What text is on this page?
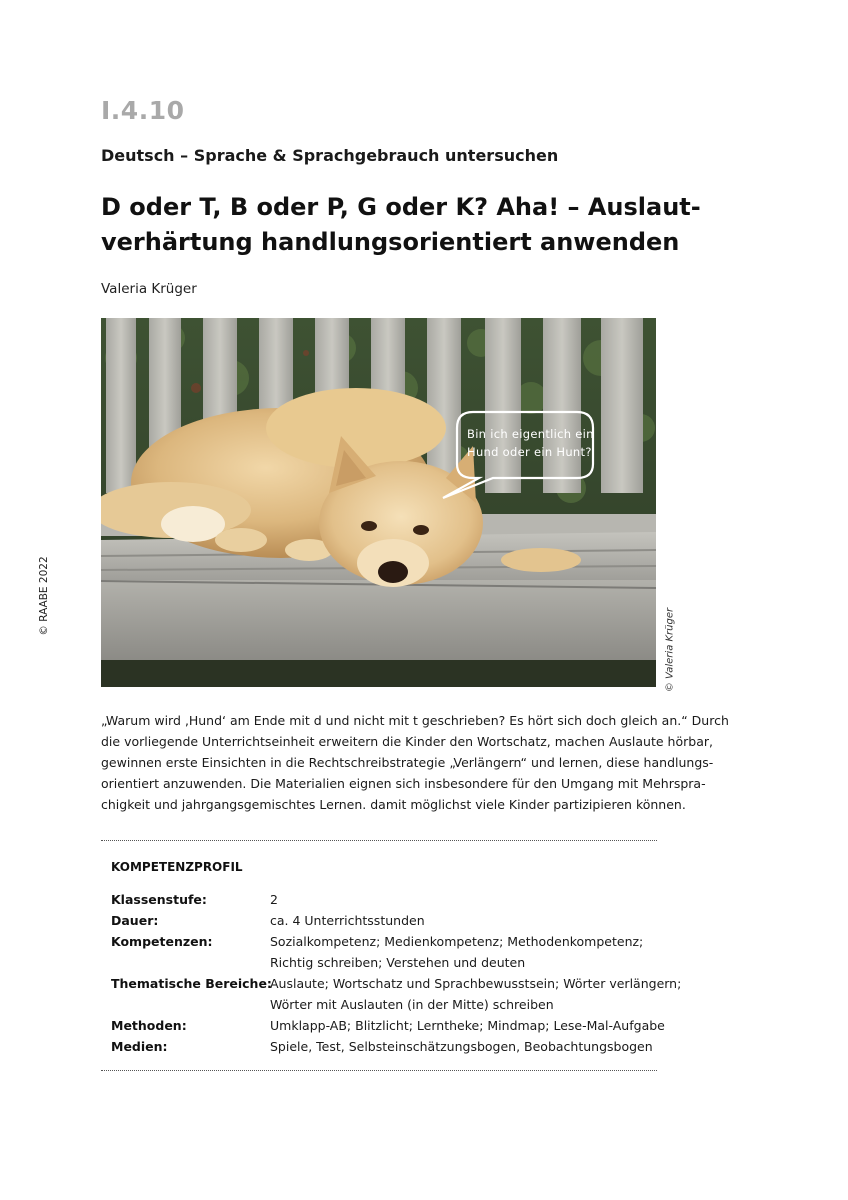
I.4.10
Deutsch – Sprache & Sprachgebrauch untersuchen
D oder T, B oder P, G oder K? Aha! – Auslaut-
verhärtung handlungsorientiert anwenden
Valeria Krüger
© RAABE 2022
Bin ich eigentlich ein
Hund oder ein Hunt?
© Valeria Krüger
„Warum wird ‚Hund‘ am Ende mit d und nicht mit t geschrieben? Es hört sich doch gleich an.“ Durch
die vorliegende Unterrichtseinheit erweitern die Kinder den Wortschatz, machen Auslaute hörbar,
gewinnen erste Einsichten in die Rechtschreibstrategie „Verlängern“ und lernen, diese handlungs-
orientiert anzuwenden. Die Materialien eignen sich insbesondere für den Umgang mit Mehrspra-
chigkeit und jahrgangsgemischtes Lernen. damit möglichst viele Kinder partizipieren können.
KOMPETENZPROFIL
Klassenstufe:	2
Dauer:	ca. 4 Unterrichtsstunden
Kompetenzen:	Sozialkompetenz; Medienkompetenz; Methodenkompetenz;
Richtig schreiben; Verstehen und deuten
Thematische Bereiche:
Auslaute; Wortschatz und Sprachbewusstsein; Wörter verlängern;
Wörter mit Auslauten (in der Mitte) schreiben
Methoden:	Umklapp-AB; Blitzlicht; Lerntheke; Mindmap; Lese-Mal-Aufgabe
Medien:	Spiele, Test, Selbsteinschätzungsbogen, Beobachtungsbogen
